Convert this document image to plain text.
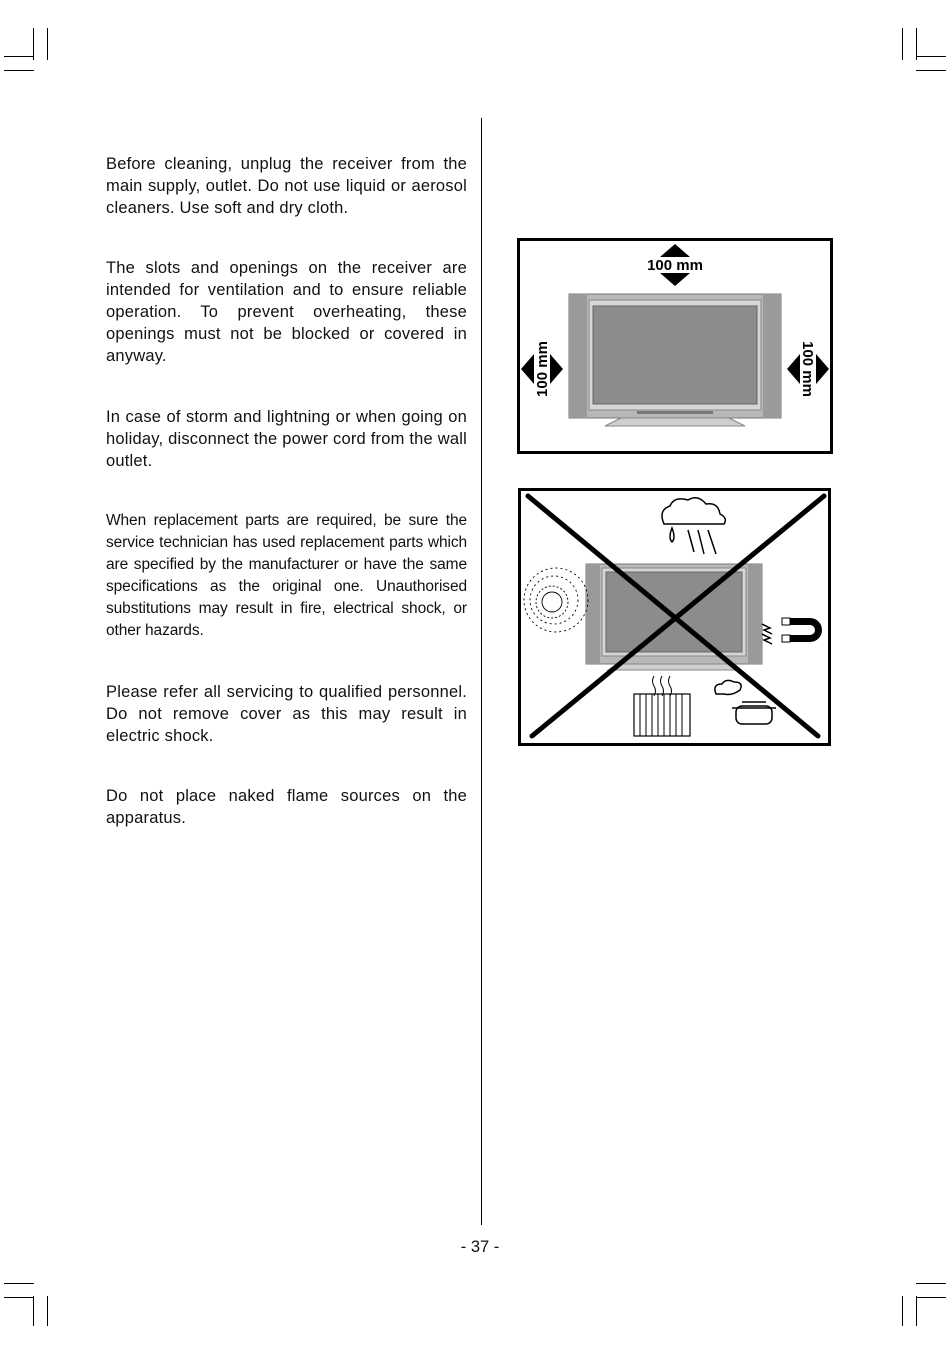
Before cleaning, unplug the receiver from the main supply, outlet. Do not use liquid or aerosol cleaners. Use soft and dry cloth.
The slots and openings on the receiver are intended for ventilation and to ensure reliable operation. To prevent overheating, these openings must not be blocked or covered in anyway.
In case of storm and lightning or when going on holiday, disconnect the power cord from the wall outlet.
When replacement parts are required, be sure the service technician has used replacement parts which are specified by the manufacturer or have the same specifications as the original one. Unauthorised substitutions may result in fire, electrical shock, or other hazards.
Please refer all servicing to qualified personnel. Do not remove cover as this may result in electric shock.
Do not place naked flame sources on the apparatus.
100 mm
100 mm	100 mm
- 37 -
